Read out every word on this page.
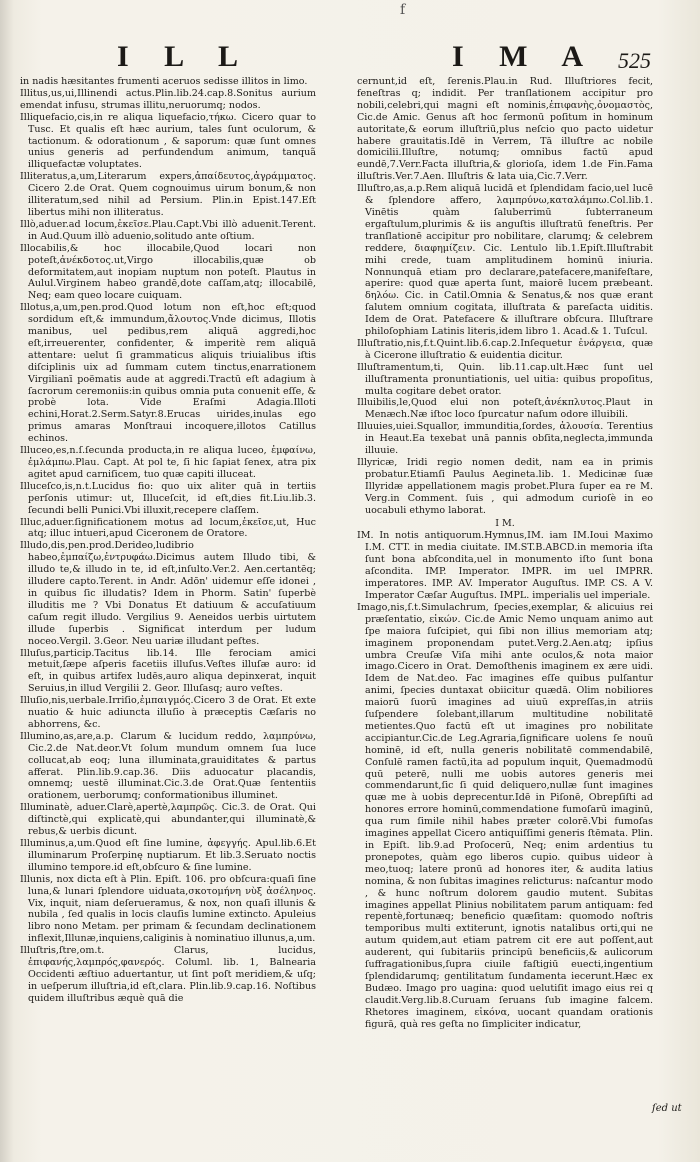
f
I L L	I M A 525

in nadis hæsitantes frumenti aceruos sedisse illitos in limo.

Illitus,us,ui,Illinendi actus.Plin.lib.24.cap.8.Sonitus aurium emendat infusu, strumas illitu,neruorumq; nodos.

Illiquefacio,cis,in re aliqua liquefacio,τήκω. Cicero quar to Tusc. Et qualis eſt hæc aurium, tales ſunt oculorum, & tactionum. & odorationum , & saporum: quæ ſunt omnes unius generis ad perfundendum animum, tanquã illiquefactæ voluptates.

Illiteratus,a,um,Literarum expers,ἀπαίδευτος,ἀγράμματος. Cicero 2.de Orat. Quem cognouimus uirum bonum,& non illiteratum,sed nihil ad Persium. Plin.in Epist.147.Eſt libertus mihi non illiteratus.

Illò,aduer.ad locum,ἐκεῖσε.Plau.Capt.Vbi illò aduenit.Terent. in Aud.Quum illò aduenio,solitudo ante oſtium.

Illocabilis,& hoc illocabile,Quod locari non poteſt,ἀνέκδοτος.ut,Virgo illocabilis,quæ ob deformitatem,aut inopiam nuptum non poteſt. Plautus in Aulul.Virginem habeo grandē,dote caſſam,atq; illocabilē, Neq; eam queo locare cuiquam.

Illotus,a,um,pen.prod.Quod lotum non eſt,hoc eſt;quod sordidum eſt,& immundum,ἄλουτος.Vnde dicimus, Illotis manibus, uel pedibus,rem aliquā aggredi,hoc eſt,irreuerenter, confidenter, & imperitè rem aliquā attentare: uelut ſi grammaticus aliquis triuialibus iſtis diſciplinis uix ad ſummam cutem tinctus,enarrationem Virgilianī poëmatis aude at aggredi.Tractū eſt adagium à ſacrorum ceremoniis:in quibus omnia puta conuenit eſſe, & probè lota. Vide Eraſmi Adagia.Illoti echini,Horat.2.Serm.Satyr.8.Erucas uirides,inulas ego primus amaras Monſtraui incoquere,illotos Catillus echinos.

Illuceo,es,n.ſ.ſecunda producta,in re aliqua luceo, ἐμφαίνω, ἐμλάμπω.Plau. Capt. At pol te, ſi hic ſapiat ſenex, atra pix agitet apud carniſicem, tuo quæ capiti illuceat.

Illuceſco,is,n.t.Lucidus fio: quo uix aliter quā in tertiis perſonis utimur: ut, Illuceſcit, id eſt,dies fit.Liu.lib.3. ſecundi belli Punici.Vbi illuxit,recepere claſſem.

Illuc,aduer.ſignificationem motus ad locum,ἐκεῖσε,ut, Huc atq; illuc intueri,apud Ciceronem de Oratore.

Illudo,dis,pen.prod.Derideo,ludibrio habeo,ἐμπαίζω,ἐντρυφάω.Dicimus autem Illudo tibi, & illudo te,& illudo in te, id eſt,inſulto.Ver.2. Aen.certantēq; illudere capto.Terent. in Andr. Adōn' uidemur eſſe idonei , in quibus ſic illudatis? Idem in Phorm. Satin' ſuperbè illuditis me ? Vbi Donatus Et datiuum & accuſatiuum caſum regit illudo. Vergilius 9. Aeneidos uerbis uirtutem illude ſuperbis . Significat interdum per ludum noceo.Vergil. 3.Geor. Neu uariæ illudant peſtes.

Illuſus,particip.Tacitus lib.14. Ille ferociam amici metuit,ſæpe aſperis facetiis illuſus.Veſtes illuſæ auro: id eſt, in quibus artifex ludēs,auro aliqua depinxerat, inquit Seruius,in illud Vergilii 2. Geor. Illuſasq; auro veſtes.

Illuſio,nis,uerbale.Irriſio,ἐμπαιγμός.Cicero 3 de Orat. Et exte nuatio & huic adiuncta illuſio à præceptis Cæſaris no abhorrens, &c.

Illumino,as,are,a.p. Clarum & lucidum reddo, λαμπρύνω, Cic.2.de Nat.deor.Vt ſolum mundum omnem ſua luce collucat,ab eoq; luna illuminata,grauiditates & partus afferat. Plin.lib.9.cap.36. Diis aduocatur placandis, omnemq; uestē illuminat.Cic.3.de Orat.Quæ ſententiis orationem, uerborumq; conformationibus illuminet.

Illuminatè, aduer.Clarè,apertè,λαμπρῶς. Cic.3. de Orat. Qui diſtinctè,qui explicatè,qui abundanter,qui illuminatè,& rebus,& uerbis dicunt.

Illuminus,a,um.Quod eſt ſine lumine, ἀφεγγής. Apul.lib.6.Et illuminarum Proſerpinę nuptiarum. Et lib.3.Seruato noctis illumino tempore.id eſt,obſcuro & ſine lumine.

Illunis, nox dicta eſt à Plin. Epiſt. 106. pro obſcura:quaſi ſine luna,& lunari ſplendore uiduata,σκοτομήνη νὺξ ἀσέληνος. Vix, inquit, niam deſerueramus, & nox, non quaſi illunis & nubila , ſed qualis in locis clauſis lumine extincto. Apuleius libro nono Metam. per primam & ſecundam declinationem inflexit,Illunæ,inquiens,caliginis à nominatiuo illunus,a,um.

Illuſtris,ſtre,om.t. Clarus, lucidus, ἐπιφανής,λαμπρός,φανερός. Columl. lib. 1, Balnearia Occidenti æſtiuo aduertantur, ut ſint poſt meridiem,& uſq; in ueſperum illuſtria,id eſt,clara. Plin.lib.9.cap.16. Noſtibus quidem illuſtribus æquè quā die

cernunt,id eſt, ſerenis.Plau.in Rud. Illuſtriores fecit, feneſtras q; indidit. Per tranſlationem accipitur pro nobili,celebri,qui magni eſt nominis,ἐπιφανὴς,ὀνομαστὸς, Cic.de Amic. Genus aſt hoc ſermonū poſitum in hominum autoritate,& eorum illuſtriū,plus neſcio quo pacto uidetur habere grauitatis.Idē in Verrem, Tā illuſtre ac nobile domicilii.Illuſtre, notumq; omnibus factū apud eundē,7.Verr.Facta illuſtria,& glorioſa, idem 1.de Fin.Fama illuſtris.Ver.7.Aen. Illuſtris & lata uia,Cic.7.Verr.

Illuſtro,as,a.p.Rem aliquā lucidā et ſplendidam facio,uel lucē & ſplendore affero, λαμπρύνω,καταλάμπω.Col.lib.1. Vinētis quàm ſaluberrimū ſubterraneum ergaſtulum,plurimis & iis anguſtis illuſtratū feneſtris. Per tranſlationē accipitur pro nobilitare, clarumq; & celebrem reddere, διαφημίζειν. Cic. Lentulo lib.1.Epiſt.Illuſtrabit mihi crede, tuam amplitudinem hominū iniuria. Nonnunquā etiam pro declarare,patefacere,manifeſtare, aperire: quod quæ aperta ſunt, maiorē lucem præbeant. δηλόω. Cic. in Catil.Omnia & Senatus,& nos quæ erant ſalutem omnium cogitata, illuſtrata & pareſacta uiditis. Idem de Orat. Patefacere & illuſtrare obſcura. Illuſtrare philoſophiam Latinis literis,idem libro 1. Acad.& 1. Tuſcul.

Illuſtratio,nis,f.t.Quint.lib.6.cap.2.Inſequetur ἐνάργεια, quæ à Cicerone illuſtratio & euidentia dicitur.

Illuſtramentum,ti, Quin. lib.11.cap.ult.Hæc ſunt uel illuſtramenta pronuntiationis, uel uitia: quibus propoſitus, multa cogitare debet orator.

Illuibilis,le,Quod elui non poteſt,ἀνέκπλυτος.Plaut in Menæch.Næ iſtoc loco ſpurcatur naſum odore illuibili.

Illuuies,uiei.Squallor, immunditia,ſordes, ἀλουσία. Terentius in Heaut.Ea texebat unā pannis obſita,neglecta,immunda illuuie.

Illyricæ, Iridi regio nomen dedit, nam ea in primis probatur.Etiamſi Paulus Aegineta.lib. 1. Medicinæ ſuæ Illyridæ appellationem magis probet.Plura ſuper ea re M. Verg.in Comment. ſuis , qui admodum curioſè in eo uocabuli ethymo laborat.

I M.

IM. In notis antiquorum.Hymnus,IM. iam IM.Ioui Maximo I.M. CTT. in media ciuitate. IM.ST.B.ABCD.in memoria iſta ſunt bona abſcondita,uel in monumento iſto ſunt bona aſcondita. IMP. Imperator. IMPR. im uel IMPRR. imperatores. IMP. AV. Imperator Auguſtus. IMP. CS. A V. Imperator Cæſar Auguſtus. IMPL. imperialis uel imperiale.

Imago,nis,ſ.t.Simulachrum, ſpecies,exemplar, & alicuius rei præſentatio, εἰκών. Cic.de Amic Nemo unquam animo aut ſpe maiora ſuſcipiet, qui ſibi non illius memoriam atq; imaginem proponendam putet.Verg.2.Aen.atq; ipſius umbra Creuſæ Viſa mihi ante oculos,& nota maior imago.Cicero in Orat. Demoſthenis imaginem ex ære uidi. Idem de Nat.deo. Fac imagines eſſe quibus pulſantur animi, ſpecies duntaxat obiicitur quædā. Olim nobiliores maiorū ſuorū imagines ad uiuū expreſſas,in atriis ſuſpendere ſolebant,illarum multitudine nobilitatē metientes.Quo factū eſt ut imagines pro nobilitate accipiantur.Cic.de Leg.Agraria,ſignificare uolens ſe nouū hominē, id eſt, nulla generis nobilitatē commendabilē, Conſulē ramen factū,ita ad populum inquit, Quemadmodū quū peterē, nulli me uobis autores generis mei commendarunt,ſic ſi quid deliquero,nullæ ſunt imagines quæ me à uobis deprecentur.Idē in Piſonē, Obrepſiſti ad honores errore hominū,commendatione fumoſarū imaginū, qua rum ſimile nihil habes præter colorē.Vbi fumoſas imagines appellat Cicero antiquiſſimi generis ſtēmata. Plin. in Epiſt. lib.9.ad Proſocerū, Neq; enim ardentius tu pronepotes, quàm ego liberos cupio. quibus uideor à meo,tuoq; latere pronū ad honores iter, & audita latius nomina, & non ſubitas imagines relicturus: naſcantur modo , & hunc noſtrum dolorem gaudio mutent. Subitas imagines appellat Plinius nobilitatem parum antiquam: fed repentè,fortunæq; beneficio quæſitam: quomodo noſtris temporibus multi extiterunt, ignotis natalibus orti,qui ne autum quidem,aut etiam patrem cit ere aut poſſent,aut auderent, qui ſubitariis principū beneficiis,& aulicorum ſuffragationibus,ſupra ciuile faſtigiū euecti,ingentium ſplendidarumq; gentilitatum ſundamenta iecerunt.Hæc ex Budæo. Imago pro uagina: quod uelutiſit imago eius rei q claudit.Verg.lib.8.Curuam ſeruans ſub imagine falcem. Rhetores imaginem, εἰκόνα, uocant quandam orationis figurā, quà res geſta no ſimpliciter indicatur,

ſed ut
